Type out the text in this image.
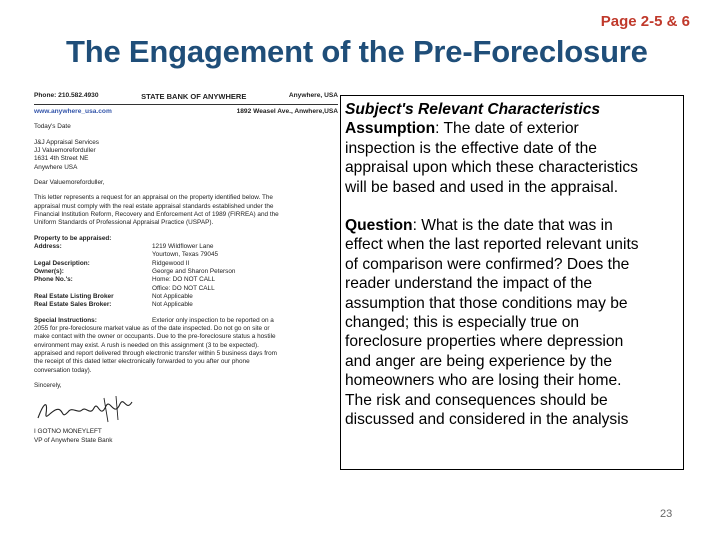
Page 2-5 & 6
The Engagement of the Pre-Foreclosure
Phone: 210.582.4930	STATE BANK OF ANYWHERE	Anywhere, USA
www.anywhere_usa.com	1892 Weasel Ave., Anwhere,USA
Today's Date
J&J Appraisal Services
JJ Valuemoreforduller
1631 4th Street NE
Anywhere USA
Dear Valuemoreforduller,
This letter represents a request for an appraisal on the property identified below. The
appraisal must comply with the real estate appraisal standards established under the
Financial Institution Reform, Recovery and Enforcement Act of 1989 (FIRREA) and the
Uniform Standards of Professional Appraisal Practice (USPAP).
Property to be appraised:
Address:	1219 Wildflower Lane
Yourtown, Texas 79045
Legal Description:	Ridgewood II
Owner(s):	George and Sharon Peterson
Phone No.'s:	Home: DO NOT CALL
Office: DO NOT CALL
Real Estate Listing Broker	Not Applicable
Real Estate Sales Broker:	Not Applicable
Special Instructions:	Exterior only inspection to be reported on a
2055 for pre-foreclosure market value as of the date inspected. Do not go on site or
make contact with the owner or occupants. Due to the pre-foreclosure status a hostile
environment may exist. A rush is needed on this assignment (3 to be expected).
appraised and report delivered through electronic transfer within 5 business days from
the receipt of this dated letter electronically forwarded to you after our phone
conversation today).
Sincerely,
I GOTNO MONEYLEFT
VP of Anywhere State Bank
Subject's Relevant Characteristics
Assumption: The date of exterior
inspection is the effective date of the
appraisal upon which these characteristics
will be based and used in the appraisal.
Question: What is the date that was in
effect when the last reported relevant units
of comparison were confirmed? Does the
reader understand the impact of the
assumption that those conditions may be
changed; this is especially true on
foreclosure properties where depression
and anger are being experience by the
homeowners who are losing their home.
The risk and consequences should be
discussed and considered in the analysis
23
